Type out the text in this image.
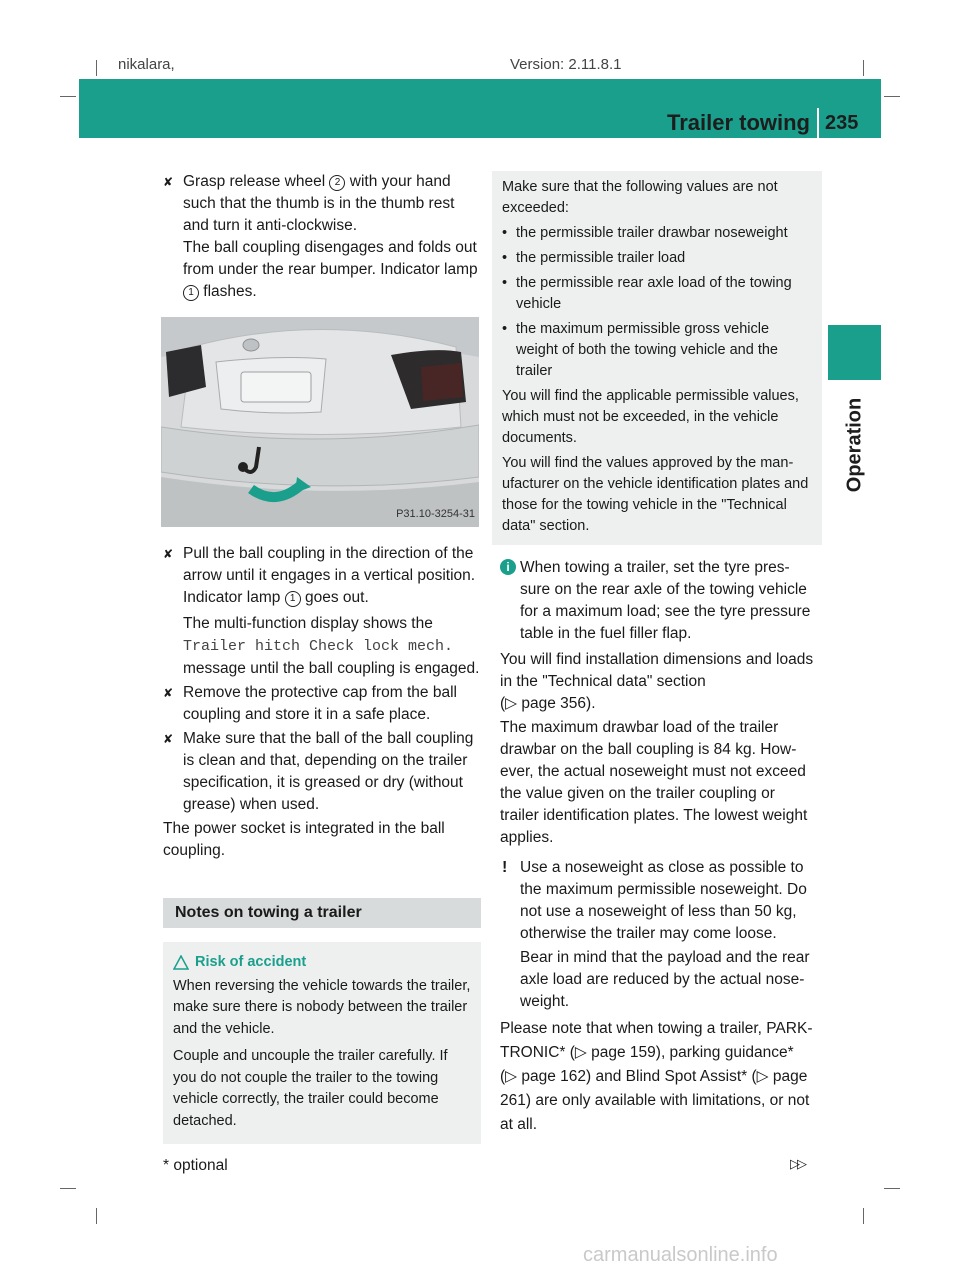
nikalara,	Version: 2.11.8.1
Trailer towing 235
Operation
✘ Grasp release wheel 2 with your hand such that the thumb is in the thumb rest and turn it anti-clockwise.
The ball coupling disengages and folds out from under the rear bumper. Indicator lamp 1 flashes.
P31.10-3254-31
✘ Pull the ball coupling in the direction of the arrow until it engages in a vertical position. Indicator lamp 1 goes out.
The multi-function display shows the
Trailer hitch Check lock mech. message until the ball coupling is engaged.
✘ Remove the protective cap from the ball coupling and store it in a safe place.
✘ Make sure that the ball of the ball coupling is clean and that, depending on the trailer specification, it is greased or dry (without grease) when used.

The power socket is integrated in the ball coupling.

Notes on towing a trailer
Risk of accident

When reversing the vehicle towards the trailer, make sure there is nobody between the trailer and the vehicle.

Couple and uncouple the trailer carefully. If you do not couple the trailer to the towing vehicle correctly, the trailer could become detached.

Make sure that the following values are not exceeded:

• the permissible trailer drawbar noseweight
• the permissible trailer load
• the permissible rear axle load of the towing vehicle
• the maximum permissible gross vehicle weight of both the towing vehicle and the trailer

You will find the applicable permissible values, which must not be exceeded, in the vehicle documents.

You will find the values approved by the manufacturer on the vehicle identification plates and those for the towing vehicle in the "Technical data" section.

i When towing a trailer, set the tyre pressure on the rear axle of the towing vehicle for a maximum load; see the tyre pressure table in the fuel filler flap.

You will find installation dimensions and loads in the "Technical data" section
(▷ page 356).

The maximum drawbar load of the trailer drawbar on the ball coupling is 84 kg. However, the actual noseweight must not exceed the value given on the trailer coupling or trailer identification plates. The lowest weight applies.

! Use a noseweight as close as possible to the maximum permissible noseweight. Do not use a noseweight of less than 50 kg, otherwise the trailer may come loose.
Bear in mind that the payload and the rear axle load are reduced by the actual noseweight.

Please note that when towing a trailer, PARKTRONIC* (▷ page 159), parking guidance* (▷ page 162) and Blind Spot Assist* (▷ page 261) are only available with limitations, or not at all.

* optional	▷▷
carmanualsonline.info
